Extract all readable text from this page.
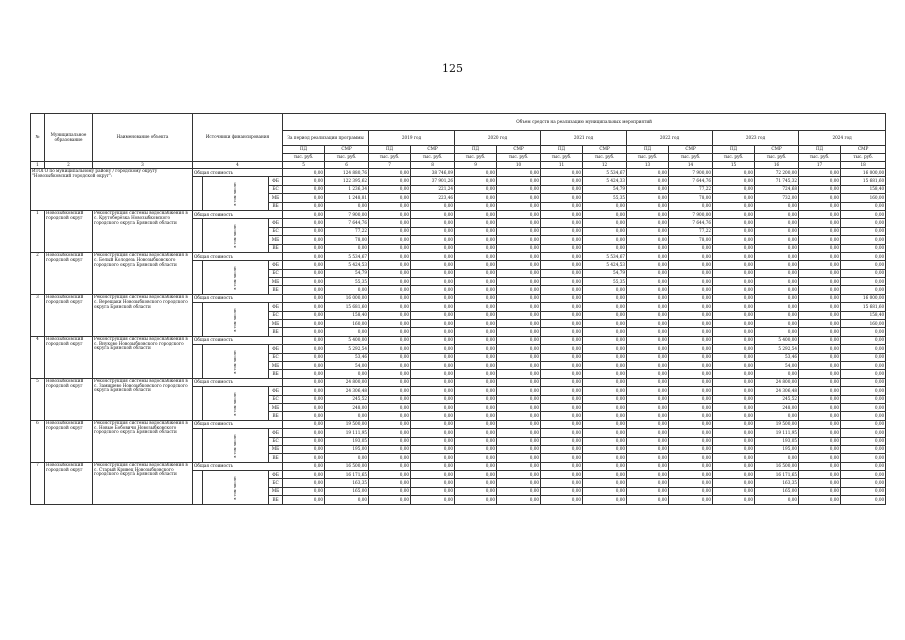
125
№	Муниципальное образование	Наименование объекта	Источники финансирования			Объем средств на реализацию муниципальных мероприятий													
						За период реализации программы		2019 год		2020 год		2021 год		2022 год		2023 год		2024 год	
						ПД	СМР	ПД	СМР	ПД	СМР	ПД	СМР	ПД	СМР	ПД	СМР	ПД	СМР
						тыс. руб.	тыс. руб.	тыс. руб.	тыс. руб.	тыс. руб.	тыс. руб.	тыс. руб.	тыс. руб.	тыс. руб.	тыс. руб.	тыс. руб.	тыс. руб.	тыс. руб.	тыс. руб.
1	2	3	4			5	6	7	8	9	10	11	12	13	14	15	16	17	18
ИТОГО по муниципальному району / городскому округу "Новозыбковский городской округ":			Общая стоимость			0,00	124 880,76	0,00	38 746,09	0,00	0,00	0,00	5 534,67	0,00	7 900,00	0,00	72 200,00	0,00	16 000,00
				в том числе:	ФБ	0,00	122 395,62	0,00	37 901,26	0,00	0,00	0,00	5 424,33	0,00	7 644,76	0,00	71 745,32	0,00	15 681,60
					БС	0,00	1 236,34	0,00	221,24	0,00	0,00	0,00	54,79	0,00	77,22	0,00	724,68	0,00	158,40
					МБ	0,00	1 248,81	0,00	223,46	0,00	0,00	0,00	55,35	0,00	78,00	0,00	732,00	0,00	160,00
					ВБ	0,00	0,00	0,00	0,00	0,00	0,00	0,00	0,00	0,00	0,00	0,00	0,00	0,00	0,00
1	Новозыбковский городской округ	Реконструкция системы водоснабжения в с. Крутоберёзка Новозыбковского городского округа Брянской области	Общая стоимость			0,00	7 900,00	0,00	0,00	0,00	0,00	0,00	0,00	0,00	7 900,00	0,00	0,00	0,00	0,00
				в том числе:	ФБ	0,00	7 644,76	0,00	0,00	0,00	0,00	0,00	0,00	0,00	7 644,76	0,00	0,00	0,00	0,00
					БС	0,00	77,22	0,00	0,00	0,00	0,00	0,00	0,00	0,00	77,22	0,00	0,00	0,00	0,00
					МБ	0,00	78,00	0,00	0,00	0,00	0,00	0,00	0,00	0,00	78,00	0,00	0,00	0,00	0,00
					ВБ	0,00	0,00	0,00	0,00	0,00	0,00	0,00	0,00	0,00	0,00	0,00	0,00	0,00	0,00
2	Новозыбковский городской округ	Реконструкция системы водоснабжения в с. Белый Колодезь Новозыбковского городского округа Брянской области	Общая стоимость			0,00	5 534,67	0,00	0,00	0,00	0,00	0,00	5 534,67	0,00	0,00	0,00	0,00	0,00	0,00
				в том числе:	ФБ	0,00	5 424,53	0,00	0,00	0,00	0,00	0,00	5 424,53	0,00	0,00	0,00	0,00	0,00	0,00
					БС	0,00	54,79	0,00	0,00	0,00	0,00	0,00	54,79	0,00	0,00	0,00	0,00	0,00	0,00
					МБ	0,00	55,35	0,00	0,00	0,00	0,00	0,00	55,35	0,00	0,00	0,00	0,00	0,00	0,00
					ВБ	0,00	0,00	0,00	0,00	0,00	0,00	0,00	0,00	0,00	0,00	0,00	0,00	0,00	0,00
3	Новозыбковский городской округ	Реконструкция системы водоснабжения в с. Верещаки Новозыбковского городского округа Брянской области	Общая стоимость			0,00	16 000,00	0,00	0,00	0,00	0,00	0,00	0,00	0,00	0,00	0,00	0,00	0,00	16 000,00
				в том числе:	ФБ	0,00	15 681,60	0,00	0,00	0,00	0,00	0,00	0,00	0,00	0,00	0,00	0,00	0,00	15 681,60
					БС	0,00	158,40	0,00	0,00	0,00	0,00	0,00	0,00	0,00	0,00	0,00	0,00	0,00	158,40
					МБ	0,00	160,00	0,00	0,00	0,00	0,00	0,00	0,00	0,00	0,00	0,00	0,00	0,00	160,00
					ВБ	0,00	0,00	0,00	0,00	0,00	0,00	0,00	0,00	0,00	0,00	0,00	0,00	0,00	0,00
4	Новозыбковский городской округ	Реконструкция системы водоснабжения в с. Внуково Новозыбковского городского округа Брянской области	Общая стоимость			0,00	5 400,00	0,00	0,00	0,00	0,00	0,00	0,00	0,00	0,00	0,00	5 400,00	0,00	0,00
				в том числе:	ФБ	0,00	5 292,54	0,00	0,00	0,00	0,00	0,00	0,00	0,00	0,00	0,00	5 292,54	0,00	0,00
					БС	0,00	53,46	0,00	0,00	0,00	0,00	0,00	0,00	0,00	0,00	0,00	53,46	0,00	0,00
					МБ	0,00	54,00	0,00	0,00	0,00	0,00	0,00	0,00	0,00	0,00	0,00	54,00	0,00	0,00
					ВБ	0,00	0,00	0,00	0,00	0,00	0,00	0,00	0,00	0,00	0,00	0,00	0,00	0,00	0,00
5	Новозыбковский городской округ	Реконструкция системы водоснабжения в с. Замишево Новозыбковского городского округа Брянской области	Общая стоимость			0,00	24 800,00	0,00	0,00	0,00	0,00	0,00	0,00	0,00	0,00	0,00	24 800,00	0,00	0,00
				в том числе:	ФБ	0,00	24 306,48	0,00	0,00	0,00	0,00	0,00	0,00	0,00	0,00	0,00	24 306,48	0,00	0,00
					БС	0,00	245,52	0,00	0,00	0,00	0,00	0,00	0,00	0,00	0,00	0,00	245,52	0,00	0,00
					МБ	0,00	248,00	0,00	0,00	0,00	0,00	0,00	0,00	0,00	0,00	0,00	248,00	0,00	0,00
					ВБ	0,00	0,00	0,00	0,00	0,00	0,00	0,00	0,00	0,00	0,00	0,00	0,00	0,00	0,00
6	Новозыбковский городской округ	Реконструкция системы водоснабжения в с. Новые Бобовичи Новозыбковского городского округа Брянской области	Общая стоимость			0,00	19 500,00	0,00	0,00	0,00	0,00	0,00	0,00	0,00	0,00	0,00	19 500,00	0,00	0,00
				в том числе:	ФБ	0,00	19 111,95	0,00	0,00	0,00	0,00	0,00	0,00	0,00	0,00	0,00	19 111,95	0,00	0,00
					БС	0,00	193,05	0,00	0,00	0,00	0,00	0,00	0,00	0,00	0,00	0,00	193,05	0,00	0,00
					МБ	0,00	195,00	0,00	0,00	0,00	0,00	0,00	0,00	0,00	0,00	0,00	195,00	0,00	0,00
					ВБ	0,00	0,00	0,00	0,00	0,00	0,00	0,00	0,00	0,00	0,00	0,00	0,00	0,00	0,00
7	Новозыбковский городской округ	Реконструкция системы водоснабжения в с. Старый Кривец Новозыбковского городского округа Брянской области	Общая стоимость			0,00	16 500,00	0,00	0,00	0,00	0,00	0,00	0,00	0,00	0,00	0,00	16 500,00	0,00	0,00
				в том числе:	ФБ	0,00	16 171,65	0,00	0,00	0,00	0,00	0,00	0,00	0,00	0,00	0,00	16 171,65	0,00	0,00
					БС	0,00	163,35	0,00	0,00	0,00	0,00	0,00	0,00	0,00	0,00	0,00	163,35	0,00	0,00
					МБ	0,00	165,00	0,00	0,00	0,00	0,00	0,00	0,00	0,00	0,00	0,00	165,00	0,00	0,00
					ВБ	0,00	0,00	0,00	0,00	0,00	0,00	0,00	0,00	0,00	0,00	0,00	0,00	0,00	0,00
